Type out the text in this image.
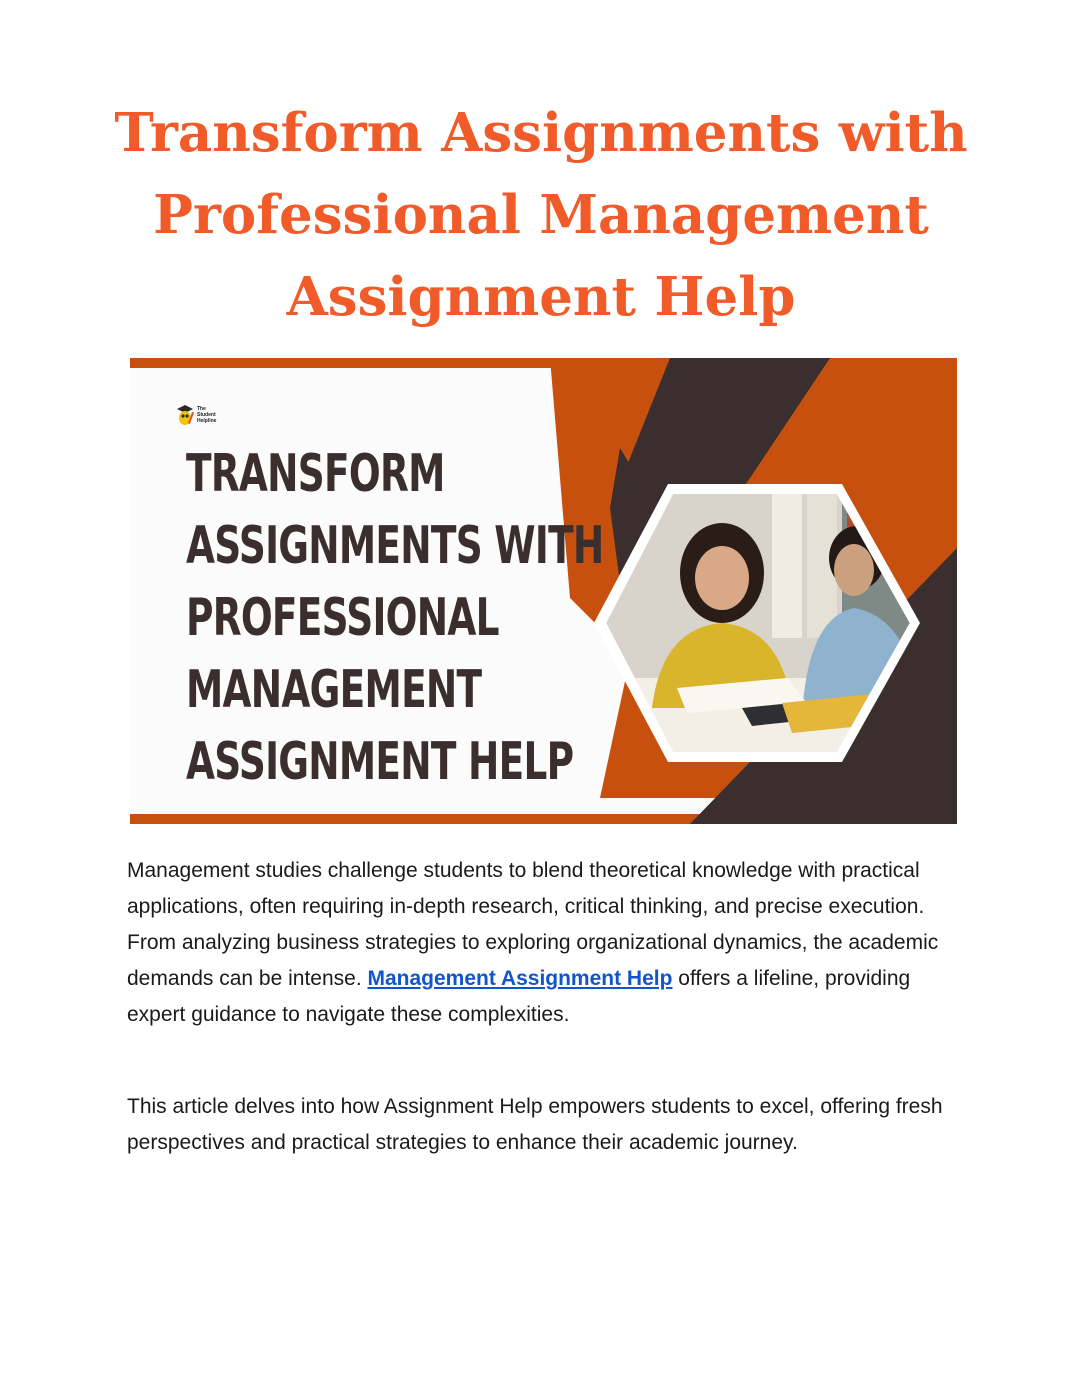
Transform Assignments with Professional Management Assignment Help
The
Student
Helpline
TRANSFORM
ASSIGNMENTS WITH
PROFESSIONAL
MANAGEMENT
ASSIGNMENT HELP

Management studies challenge students to blend theoretical knowledge with practical applications, often requiring in-depth research, critical thinking, and precise execution. From analyzing business strategies to exploring organizational dynamics, the academic demands can be intense. Management Assignment Help offers a lifeline, providing expert guidance to navigate these complexities.

This article delves into how Assignment Help empowers students to excel, offering fresh perspectives and practical strategies to enhance their academic journey.
